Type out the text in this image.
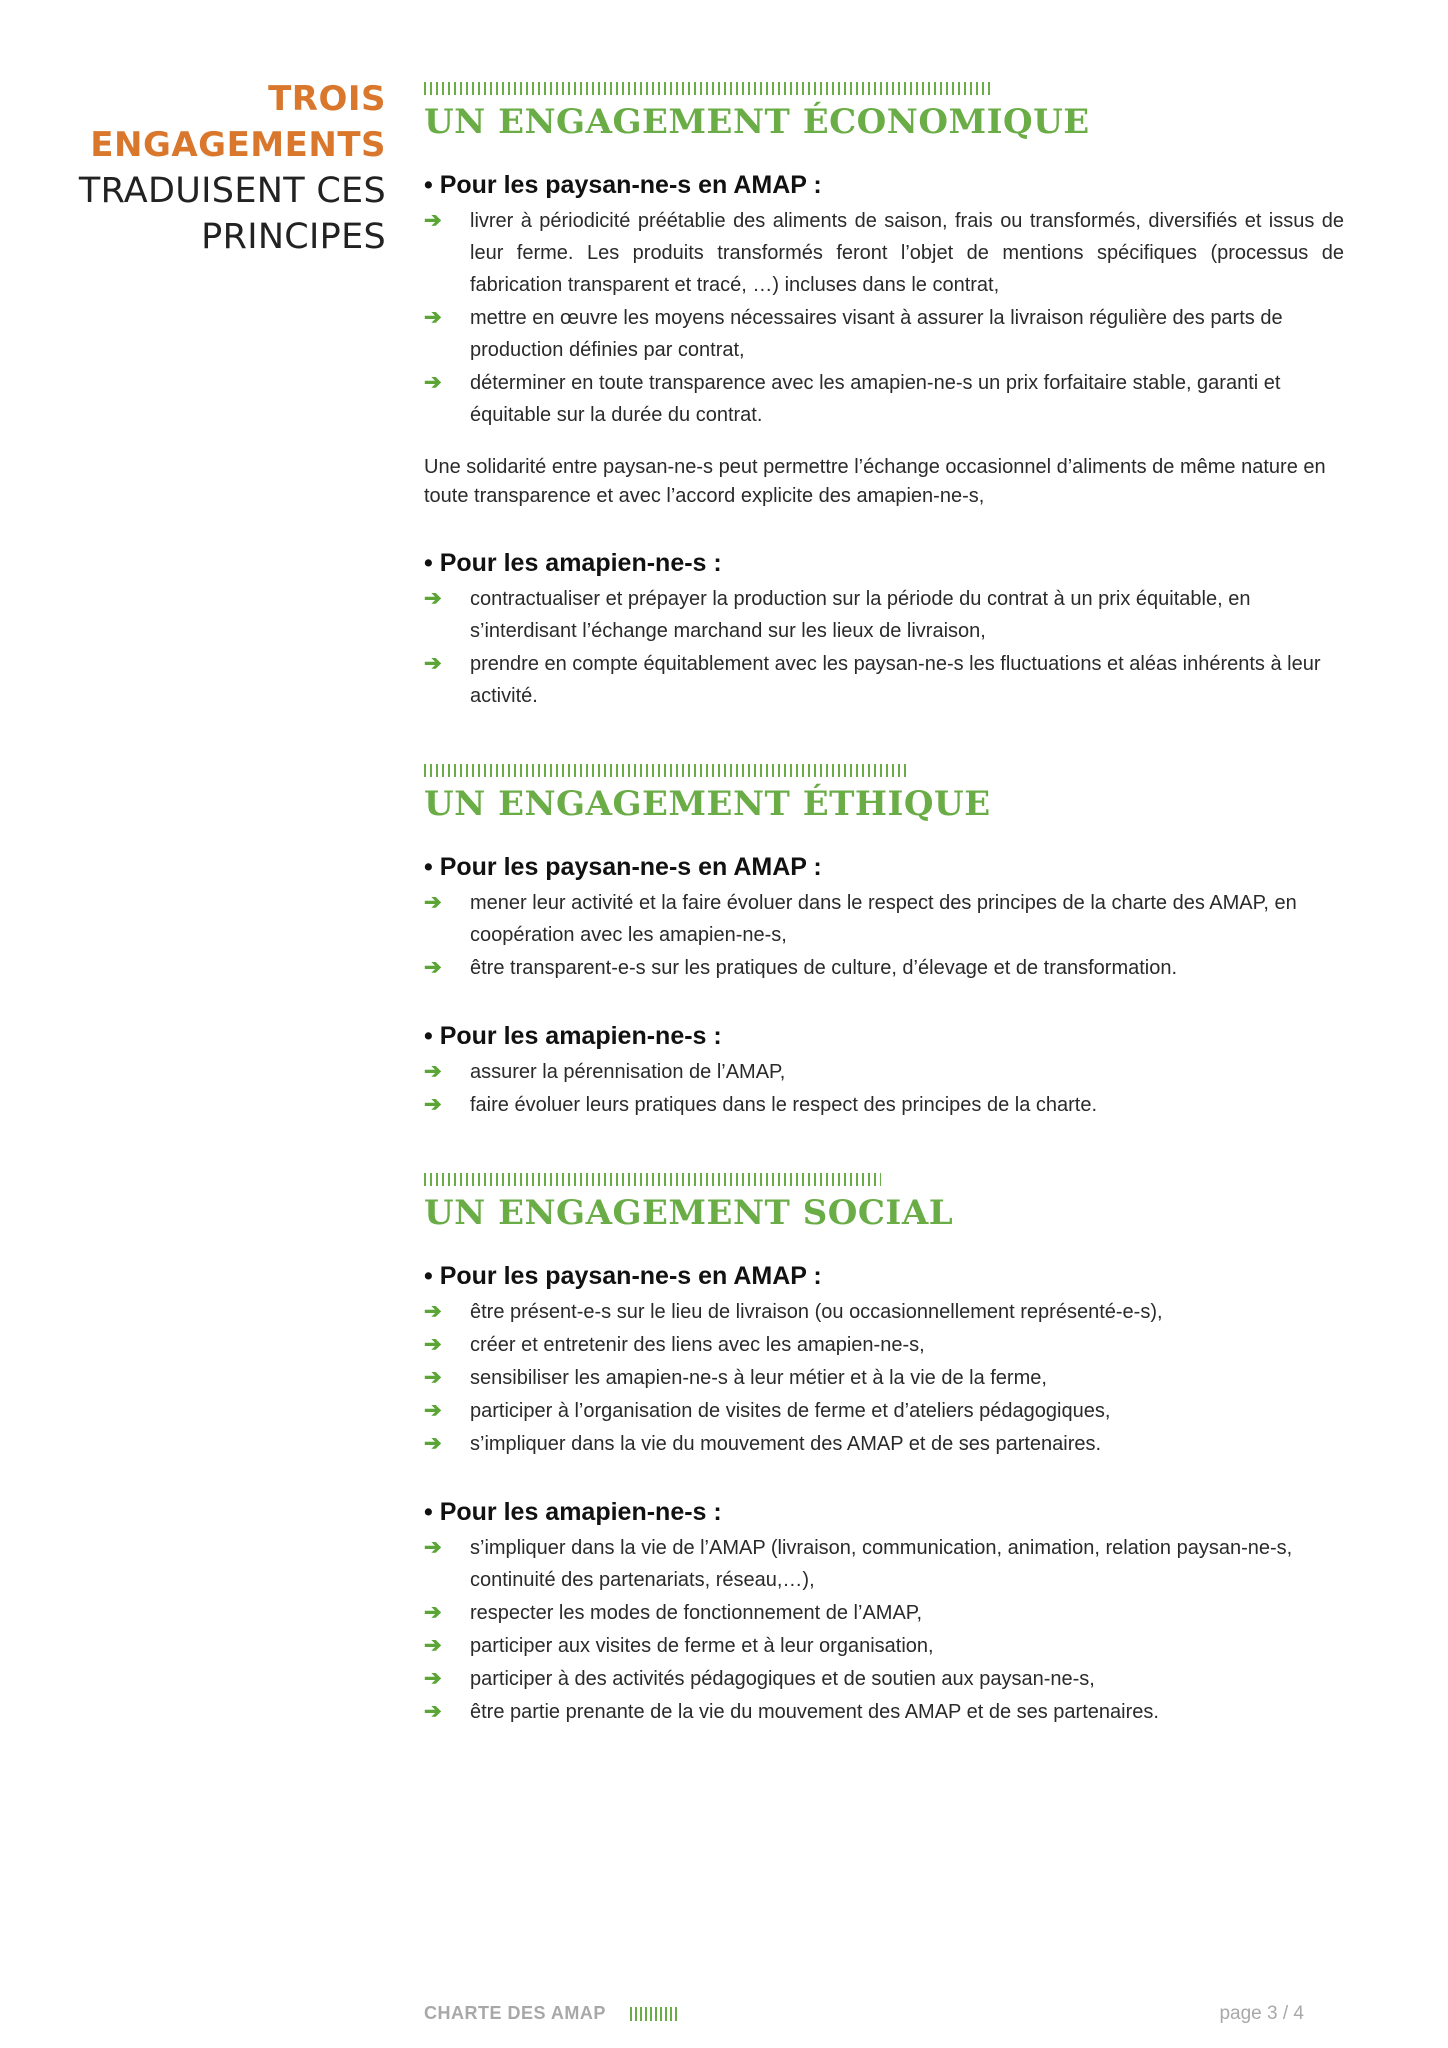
TROIS
ENGAGEMENTS
TRADUISENT CES
PRINCIPES
UN ENGAGEMENT ÉCONOMIQUE
• Pour les paysan-ne-s en AMAP :
➔ livrer à périodicité préétablie des aliments de saison, frais ou transformés, diversifiés et issus de leur ferme. Les produits transformés feront l’objet de mentions spécifiques (processus de fabrication transparent et tracé, …) incluses dans le contrat,
➔ mettre en œuvre les moyens nécessaires visant à assurer la livraison régulière des parts de production définies par contrat,
➔ déterminer en toute transparence avec les amapien-ne-s un prix forfaitaire stable, garanti et équitable sur la durée du contrat.
Une solidarité entre paysan-ne-s peut permettre l’échange occasionnel d’aliments de même nature en toute transparence et avec l’accord explicite des amapien-ne-s,
• Pour les amapien-ne-s :
➔ contractualiser et prépayer la production sur la période du contrat à un prix équitable, en s’interdisant l’échange marchand sur les lieux de livraison,
➔ prendre en compte équitablement avec les paysan-ne-s les fluctuations et aléas inhérents à leur activité.
UN ENGAGEMENT ÉTHIQUE
• Pour les paysan-ne-s en AMAP :
➔ mener leur activité et la faire évoluer dans le respect des principes de la charte des AMAP, en coopération avec les amapien-ne-s,
➔ être transparent-e-s sur les pratiques de culture, d’élevage et de transformation.
• Pour les amapien-ne-s :
➔ assurer la pérennisation de l’AMAP,
➔ faire évoluer leurs pratiques dans le respect des principes de la charte.
UN ENGAGEMENT SOCIAL
• Pour les paysan-ne-s en AMAP :
➔ être présent-e-s sur le lieu de livraison (ou occasionnellement représenté-e-s),
➔ créer et entretenir des liens avec les amapien-ne-s,
➔ sensibiliser les amapien-ne-s à leur métier et à la vie de la ferme,
➔ participer à l’organisation de visites de ferme et d’ateliers pédagogiques,
➔ s’impliquer dans la vie du mouvement des AMAP et de ses partenaires.
• Pour les amapien-ne-s :
➔ s’impliquer dans la vie de l’AMAP (livraison, communication, animation, relation paysan-ne-s, continuité des partenariats, réseau,…),
➔ respecter les modes de fonctionnement de l’AMAP,
➔ participer aux visites de ferme et à leur organisation,
➔ participer à des activités pédagogiques et de soutien aux paysan-ne-s,
➔ être partie prenante de la vie du mouvement des AMAP et de ses partenaires.
CHARTE DES AMAP	page 3 / 4
